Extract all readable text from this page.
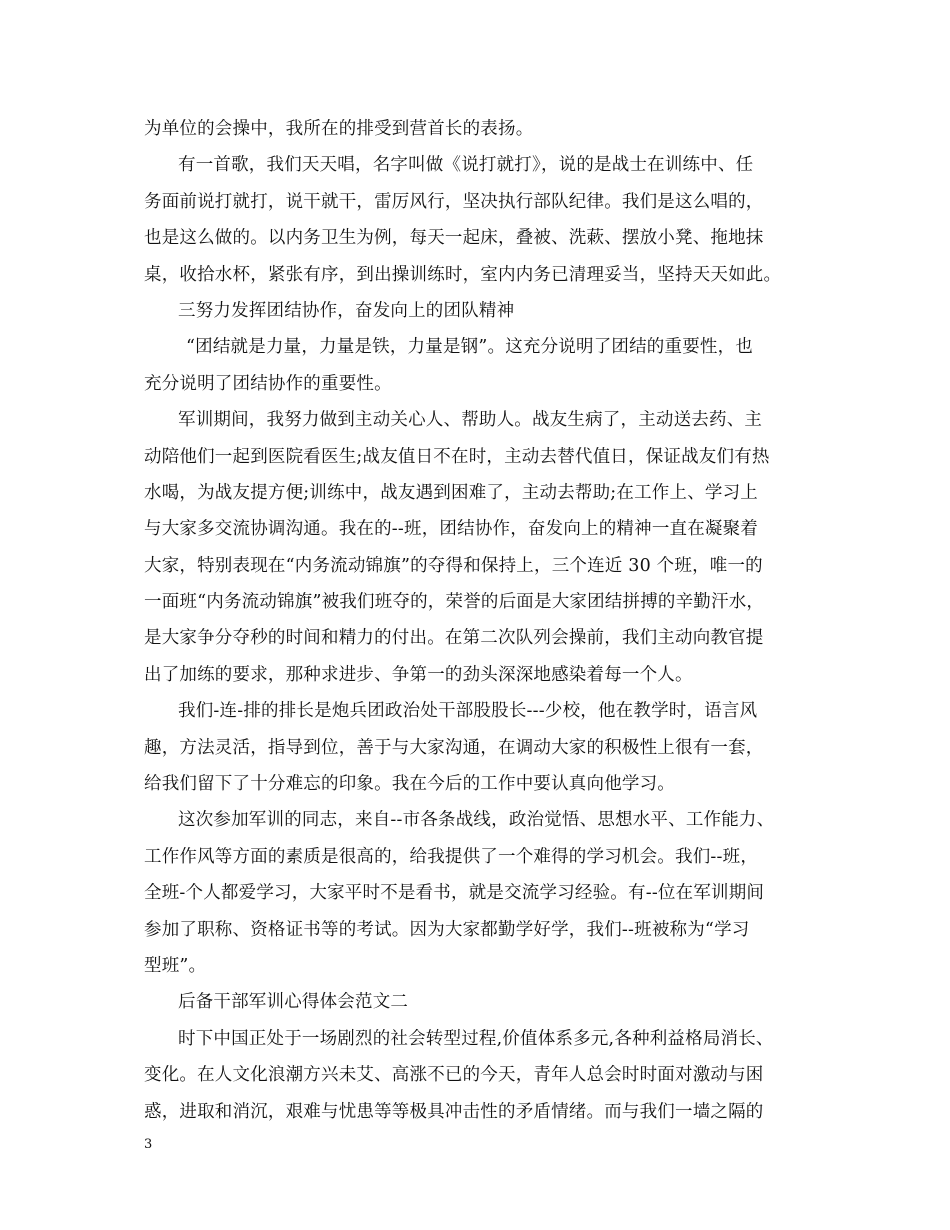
为单位的会操中，我所在的排受到营首长的表扬。
有一首歌，我们天天唱，名字叫做《说打就打》，说的是战士在训练中、任
务面前说打就打，说干就干，雷厉风行，坚决执行部队纪律。我们是这么唱的，
也是这么做的。以内务卫生为例，每天一起床，叠被、洗蔌、摆放小凳、拖地抹
桌，收拾水杯，紧张有序，到出操训练时，室内内务已清理妥当，坚持天天如此。
三努力发挥团结协作，奋发向上的团队精神
“团结就是力量，力量是铁，力量是钢”。这充分说明了团结的重要性，也
充分说明了团结协作的重要性。
军训期间，我努力做到主动关心人、帮助人。战友生病了，主动送去药、主
动陪他们一起到医院看医生;战友值日不在时，主动去替代值日，保证战友们有热
水喝，为战友提方便;训练中，战友遇到困难了，主动去帮助;在工作上、学习上
与大家多交流协调沟通。我在的--班，团结协作，奋发向上的精神一直在凝聚着
大家，特别表现在“内务流动锦旗”的夺得和保持上，三个连近 30 个班，唯一的
一面班“内务流动锦旗”被我们班夺的，荣誉的后面是大家团结拼搏的辛勤汗水，
是大家争分夺秒的时间和精力的付出。在第二次队列会操前，我们主动向教官提
出了加练的要求，那种求进步、争第一的劲头深深地感染着每一个人。
我们-连-排的排长是炮兵团政治处干部股股长---少校，他在教学时，语言风
趣，方法灵活，指导到位，善于与大家沟通，在调动大家的积极性上很有一套，
给我们留下了十分难忘的印象。我在今后的工作中要认真向他学习。
这次参加军训的同志，来自--市各条战线，政治觉悟、思想水平、工作能力、
工作作风等方面的素质是很高的，给我提供了一个难得的学习机会。我们--班，
全班-个人都爱学习，大家平时不是看书，就是交流学习经验。有--位在军训期间
参加了职称、资格证书等的考试。因为大家都勤学好学，我们--班被称为“学习
型班”。
后备干部军训心得体会范文二
时下中国正处于一场剧烈的社会转型过程,价值体系多元,各种利益格局消长、
变化。在人文化浪潮方兴未艾、高涨不已的今天，青年人总会时时面对激动与困
惑，进取和消沉，艰难与忧患等等极具冲击性的矛盾情绪。而与我们一墙之隔的
3
